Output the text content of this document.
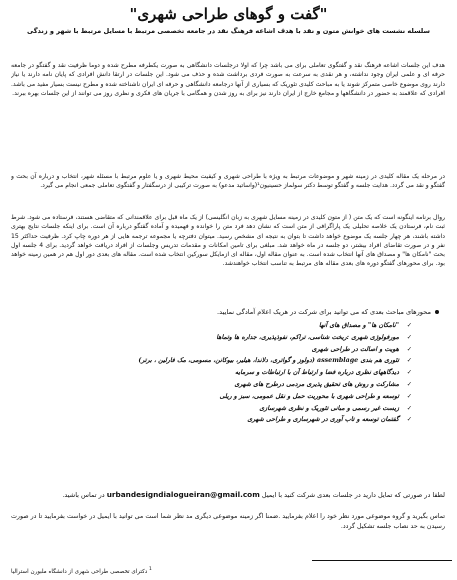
"گفت و گوهای طراحی شهری"
سلسله نشست های خوانش متون و نقد با هدف اشاعه فرهنگ نقد در جامعه تخصصی مرتبط با مسایل مرتبط با شهر و زندگی

هدف این جلسات اشاعه فرهنگ نقد و گفتگوی تعاملی برای می باشد چرا که اولا درجلسات دانشگاهی به صورت یکطرفه مطرح شده و دوما ظرفیت نقد و گفتگو در جامعه حرفه ای و علمی ایران وجود نداشته، و هر نقدی به سرعت به صورت فردی برداشت شده و حذف می شود. این جلسات در ارتقا دانش افرادی که پایان نامه دارند یا نیاز دارند روی موضوع خاصی متمرکز شوند یا به مباحث کلیدی تئوریک که بسیاری از آنها درجامعه دانشگاهی و حرفه ای ایران ناشناخته شده و مطرح نیست بسیار مفید می باشد. افرادی که علاقمند به حضور در دانشگاهها و مجامع خارج از ایران دارند نیز برای به روز شدن و همگامی با جریان های فکری و نظری روز می توانند از این جلسات بهره ببرند.

در مرحله یک مقاله کلیدی در زمینه شهر و موضوعات مرتبط به ویژه با طراحی شهری و کیفیت محیط شهری و یا علوم مرتبط با مسئله شهر، انتخاب و درباره آن بحث و گفتگو و نقد می گردد. هدایت جلسه و گفتگو توسط دکتر سولماز حسینیون¹(واساتید مدعو) به صورت ترکیبی از درسگفتار و گفتگوی تعاملی جمعی انجام می گیرد.

روال برنامه اینگونه است که یک متن ( از متون کلیدی در زمینه مسایل شهری به زبان انگلیسی) از یک ماه قبل برای علاقمندانی که متقاضی هستند، فرستاده می شود. شرط ثبت نام، فرستادن یک خلاصه تحلیلی یک پاراگرافی از متن است که نشان دهد فرد متن را خوانده و فهمیده و آماده گفتگو درباره آن است. برای اینکه جلسات نتایج بهتری داشته باشند، هر چهار جلسه یک موضوع خواهد داشت تا بتوان به نتیجه ای مشخص رسید. میتوان دفترچه یا مجموعه ترجمه هایی از هر دوره چاپ کرد. ظرفیت حداکثر 15 نفر و در صورت تقاضای افراد بیشتر، دو جلسه در ماه خواهد شد. مبلغی برای تامین امکانات و مقدمات تدریس وجلسات از افراد دریافت خواهد گردید. برای 4 جلسه اول بحث "نامکان ها" و مصداق های آنها انتخاب شده است. به عنوان مقاله اول، مقاله ای ازمایکل سورکین انتخاب شده است. مقاله های بعدی دور اول هم در همین زمینه خواهد بود. برای محورهای گفتگو دوره های بعدی مقاله های مرتبط به تناسب انتخاب خواهندشد.

محورهای مباحث بعدی که می توانید برای شرکت در هریک اعلام آمادگی نمایید.
✓"نامکان ها" و مصداق های آنها
✓مورفولوژی شهری :ریخت شناسی، تراکم، نفوذپذیری، جداره ها وتماها
✓هویت و اصالت در طراحی شهری
✓تئوری هم بندی assemblage (دولوز و گواتری، دلاندا، هیلیر، بیوکانن، مسومی، مک فارلین ، برتر)
✓دیدگاههای نظری درباره فضا و ارتباط آن با ارتباطات و سرمایه
✓مشارکت و روش های تحقیق پذیری مردمی درطرح های شهری
✓توسعه و طراحی شهری با محوریت حمل و نقل عمومی، سبز و ریلی
✓زیست غیر رسمی و مبانی تئوریک و نظری شهرسازی
✓گفتمان توسعه و تاب آوری در شهرسازی و طراحی شهری
لطفا در صورتی که تمایل دارید در جلسات بعدی شرکت کنید با ایمیل urbandesigndialogueiran@gmail.com در تماس باشید.

تماس بگیرید و گروه موضوعی مورد نظر خود را اعلام بفرمایید .ضمنا اگر زمینه موضوعی دیگری مد نظر شما است می توانید با ایمیل در خواست بفرمایید تا در صورت رسیدن به حد نصاب جلسه تشکیل گردد.

$^1$ دکترای تخصصی طراحی شهری از دانشگاه ملبورن استرالیا
